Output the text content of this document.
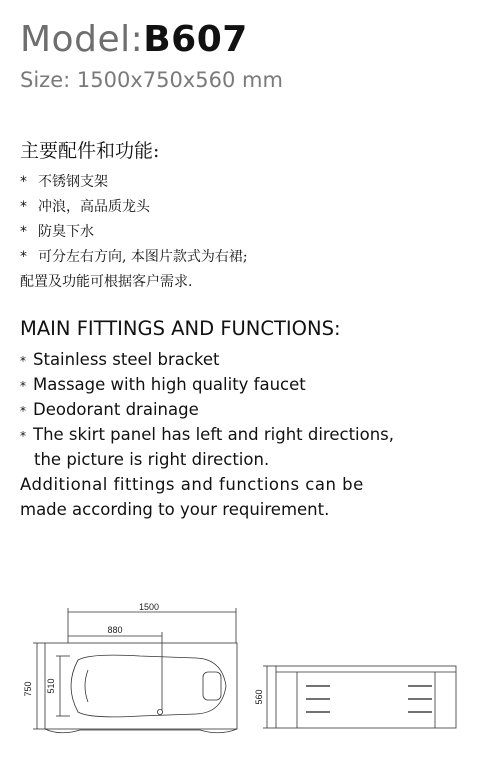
Model:B607
Size: 1500x750x560 mm
主要配件和功能:
* 不锈钢支架
* 冲浪，高品质龙头
* 防臭下水
* 可分左右方向, 本图片款式为右裙;
配置及功能可根据客户需求.
MAIN FITTINGS AND FUNCTIONS:
* Stainless steel bracket
* Massage with high quality faucet
* Deodorant drainage
* The skirt panel has left and right directions,
the picture is right direction.
Additional fittings and functions can be
made according to your requirement.
1500
880
750 510
560
